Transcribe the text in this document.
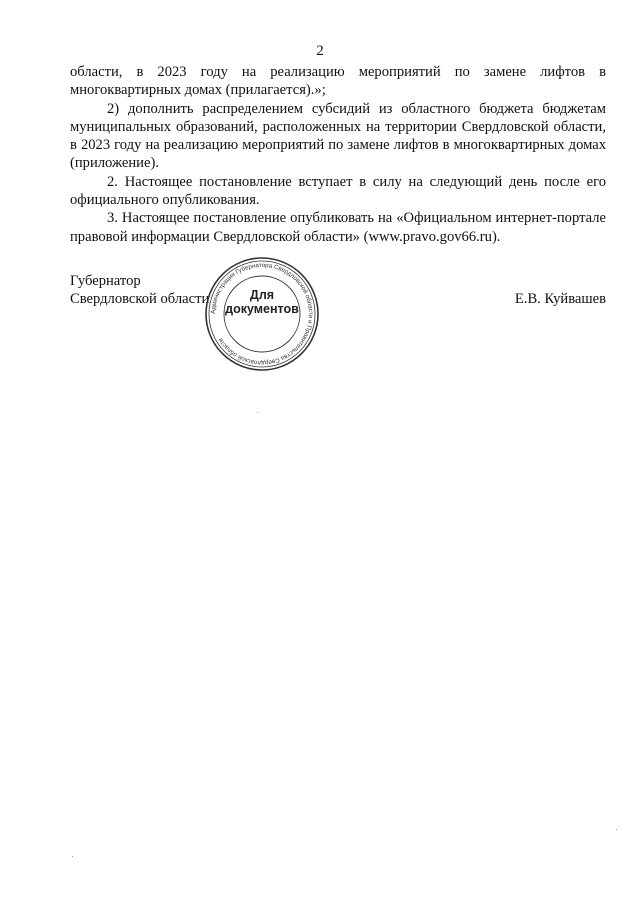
2

области, в 2023 году на реализацию мероприятий по замене лифтов в многоквартирных домах (прилагается).»;

2) дополнить распределением субсидий из областного бюджета бюджетам муниципальных образований, расположенных на территории Свердловской области, в 2023 году на реализацию мероприятий по замене лифтов в многоквартирных домах (приложение).

2. Настоящее постановление вступает в силу на следующий день после его официального опубликования.

3. Настоящее постановление опубликовать на «Официальном интернет-портале правовой информации Свердловской области» (www.pravo.gov66.ru).

Губернатор
Свердловской области	Е.В. Куйвашев
Администрация Губернатора Свердловской области и Правительства Свердловской области
Для
документов
